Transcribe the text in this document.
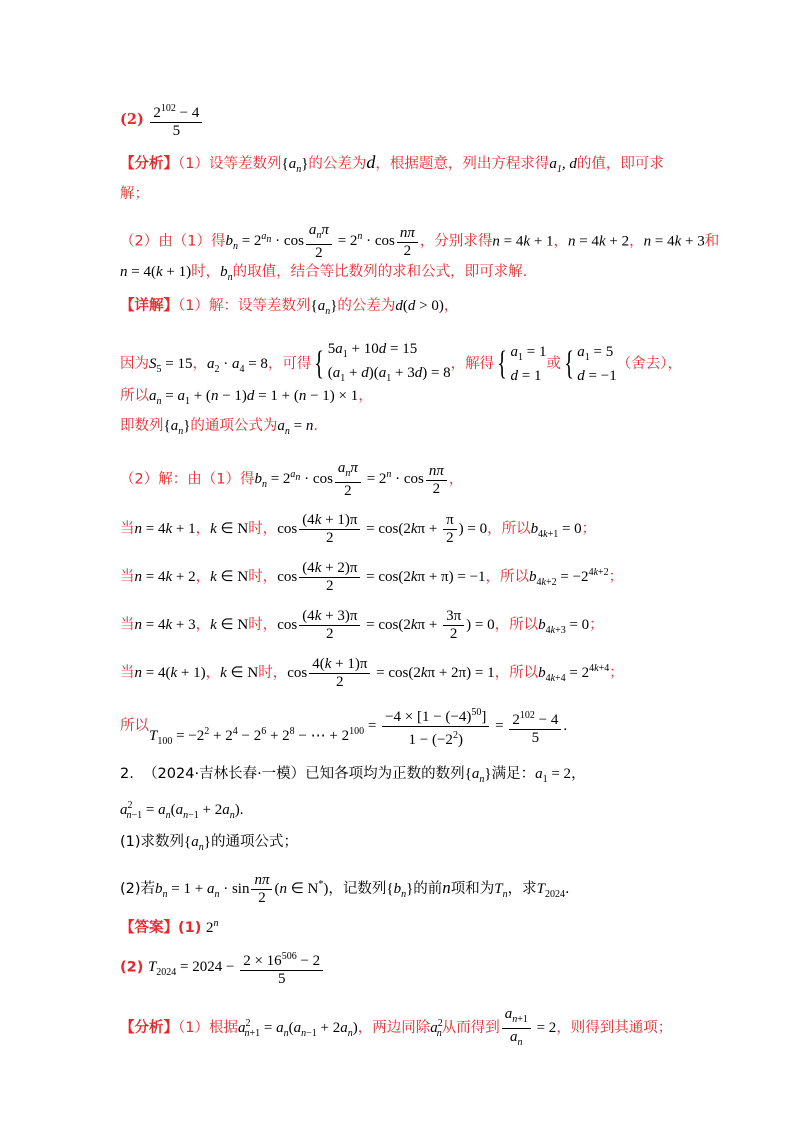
$(2) \frac{2^{102} - 4}{5}$
【分析】（1）设等差数列$\{a_n\}$的公差为d，根据题意，列出方程求得$a_1$, d的值，即可求
解；
（2）由（1）得$b_n = 2^{a_n} \cdot \cos \frac{a_n\pi}{2} = 2^n \cdot \cos \frac{n\pi}{2}$ ，分别求得n = 4k + 1，n = 4k + 2，n = 4k + 3和
n = 4(k + 1)时，$b_n$的取值，结合等比数列的求和公式，即可求解.
【详解】（1）解：设等差数列$\{a_n\}$的公差为d(d > 0)，
因为$S_5 = 15$，$a_2 \cdot a_4 = 8$，可得 { $5a_1 + 10d = 15$
$(a_1 + d)(a_1 + 3d) = 8$
，解得 { $a_1 = 1$
d = 1
或 { $a_1 = 5$
d = −1
（舍去），
所以$a_n = a_1 + (n - 1)d = 1 + (n - 1) \times 1$，
即数列$\{a_n\}$的通项公式为$a_n = n$.
（2）解：由（1）得$b_n = 2^{a_n} \cdot \cos \frac{a_n\pi}{2} = 2^n \cdot \cos \frac{n\pi}{2}$ ，
当n = 4k + 1，k ∈ N时，$\cos \frac{(4k + 1)\pi}{2} = \cos(2k\pi + \frac{\pi}{2}$ ) = 0，所以$b_{4k+1} = 0$；
当n = 4k + 2，k ∈ N时，$\cos \frac{(4k + 2)\pi}{2} = \cos(2k\pi + \pi) = -1$，所以$b_{4k+2} = -2^{4k+2}$；
当n = 4k + 3，k ∈ N时，$\cos \frac{(4k + 3)\pi}{2} = \cos(2k\pi + \frac{3\pi}{2}$ ) = 0，所以$b_{4k+3} = 0$；
当n = 4(k + 1)，k ∈ N时，$\cos \frac{4(k + 1)\pi}{2} = \cos(2k\pi + 2\pi) = 1$，所以$b_{4k+4} = 2^{4k+4}$；
所以$T_{100} = -2^2 + 2^4 - 2^6 + 2^8$ − ⋯ + $2^{100} = \frac{-4 \times [1 - (-4)^{50}]}{1 - (-2^2)} = \frac{2^{102} - 4}{5}$ .
2. （2024·吉林长春·一模）已知各项均为正数的数列$\{a_n\}$满足：$a_1 = 2$，
$a^2_{n-1} = a_n(a_{n-1} + 2a_n)$.
(1)求数列$\{a_n\}$的通项公式；
(2)若$b_n = 1 + a_n \cdot \sin \frac{n\pi}{2} (n$ ∈ N*)，记数列$\{b_n\}$的前n项和为$T_n$，求$T_{2024}$.
【答案】(1) 2$^n$
(2) $T_{2024} = 2024 - \frac{2 \times 16^{506} - 2}{5}$
【分析】（1）根据$a^2_{n+1} = a_n(a_{n-1} + 2a_n)$，两边同除$a^2_n$从而得到 $\frac{a_{n+1}}{a_n} = 2$，则得到其通项；
